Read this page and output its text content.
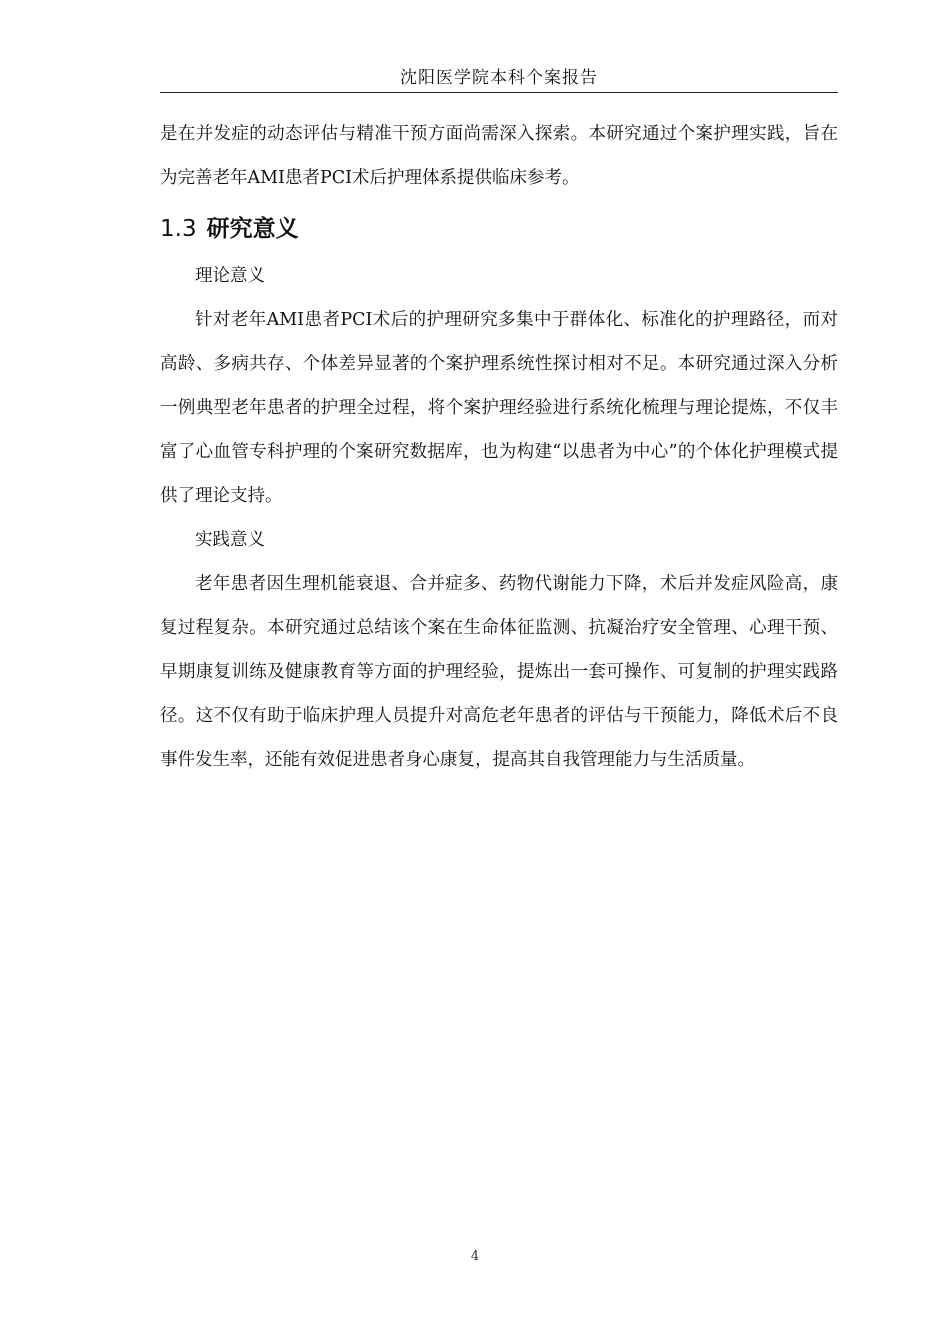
沈阳医学院本科个案报告

是在并发症的动态评估与精准干预方面尚需深入探索。本研究通过个案护理实践，旨在为完善老年AMI患者PCI术后护理体系提供临床参考。

1.3 研究意义

理论意义

针对老年AMI患者PCI术后的护理研究多集中于群体化、标准化的护理路径，而对高龄、多病共存、个体差异显著的个案护理系统性探讨相对不足。本研究通过深入分析一例典型老年患者的护理全过程，将个案护理经验进行系统化梳理与理论提炼，不仅丰富了心血管专科护理的个案研究数据库，也为构建“以患者为中心”的个体化护理模式提供了理论支持。

实践意义

老年患者因生理机能衰退、合并症多、药物代谢能力下降，术后并发症风险高，康复过程复杂。本研究通过总结该个案在生命体征监测、抗凝治疗安全管理、心理干预、早期康复训练及健康教育等方面的护理经验，提炼出一套可操作、可复制的护理实践路径。这不仅有助于临床护理人员提升对高危老年患者的评估与干预能力，降低术后不良事件发生率，还能有效促进患者身心康复，提高其自我管理能力与生活质量。

4
